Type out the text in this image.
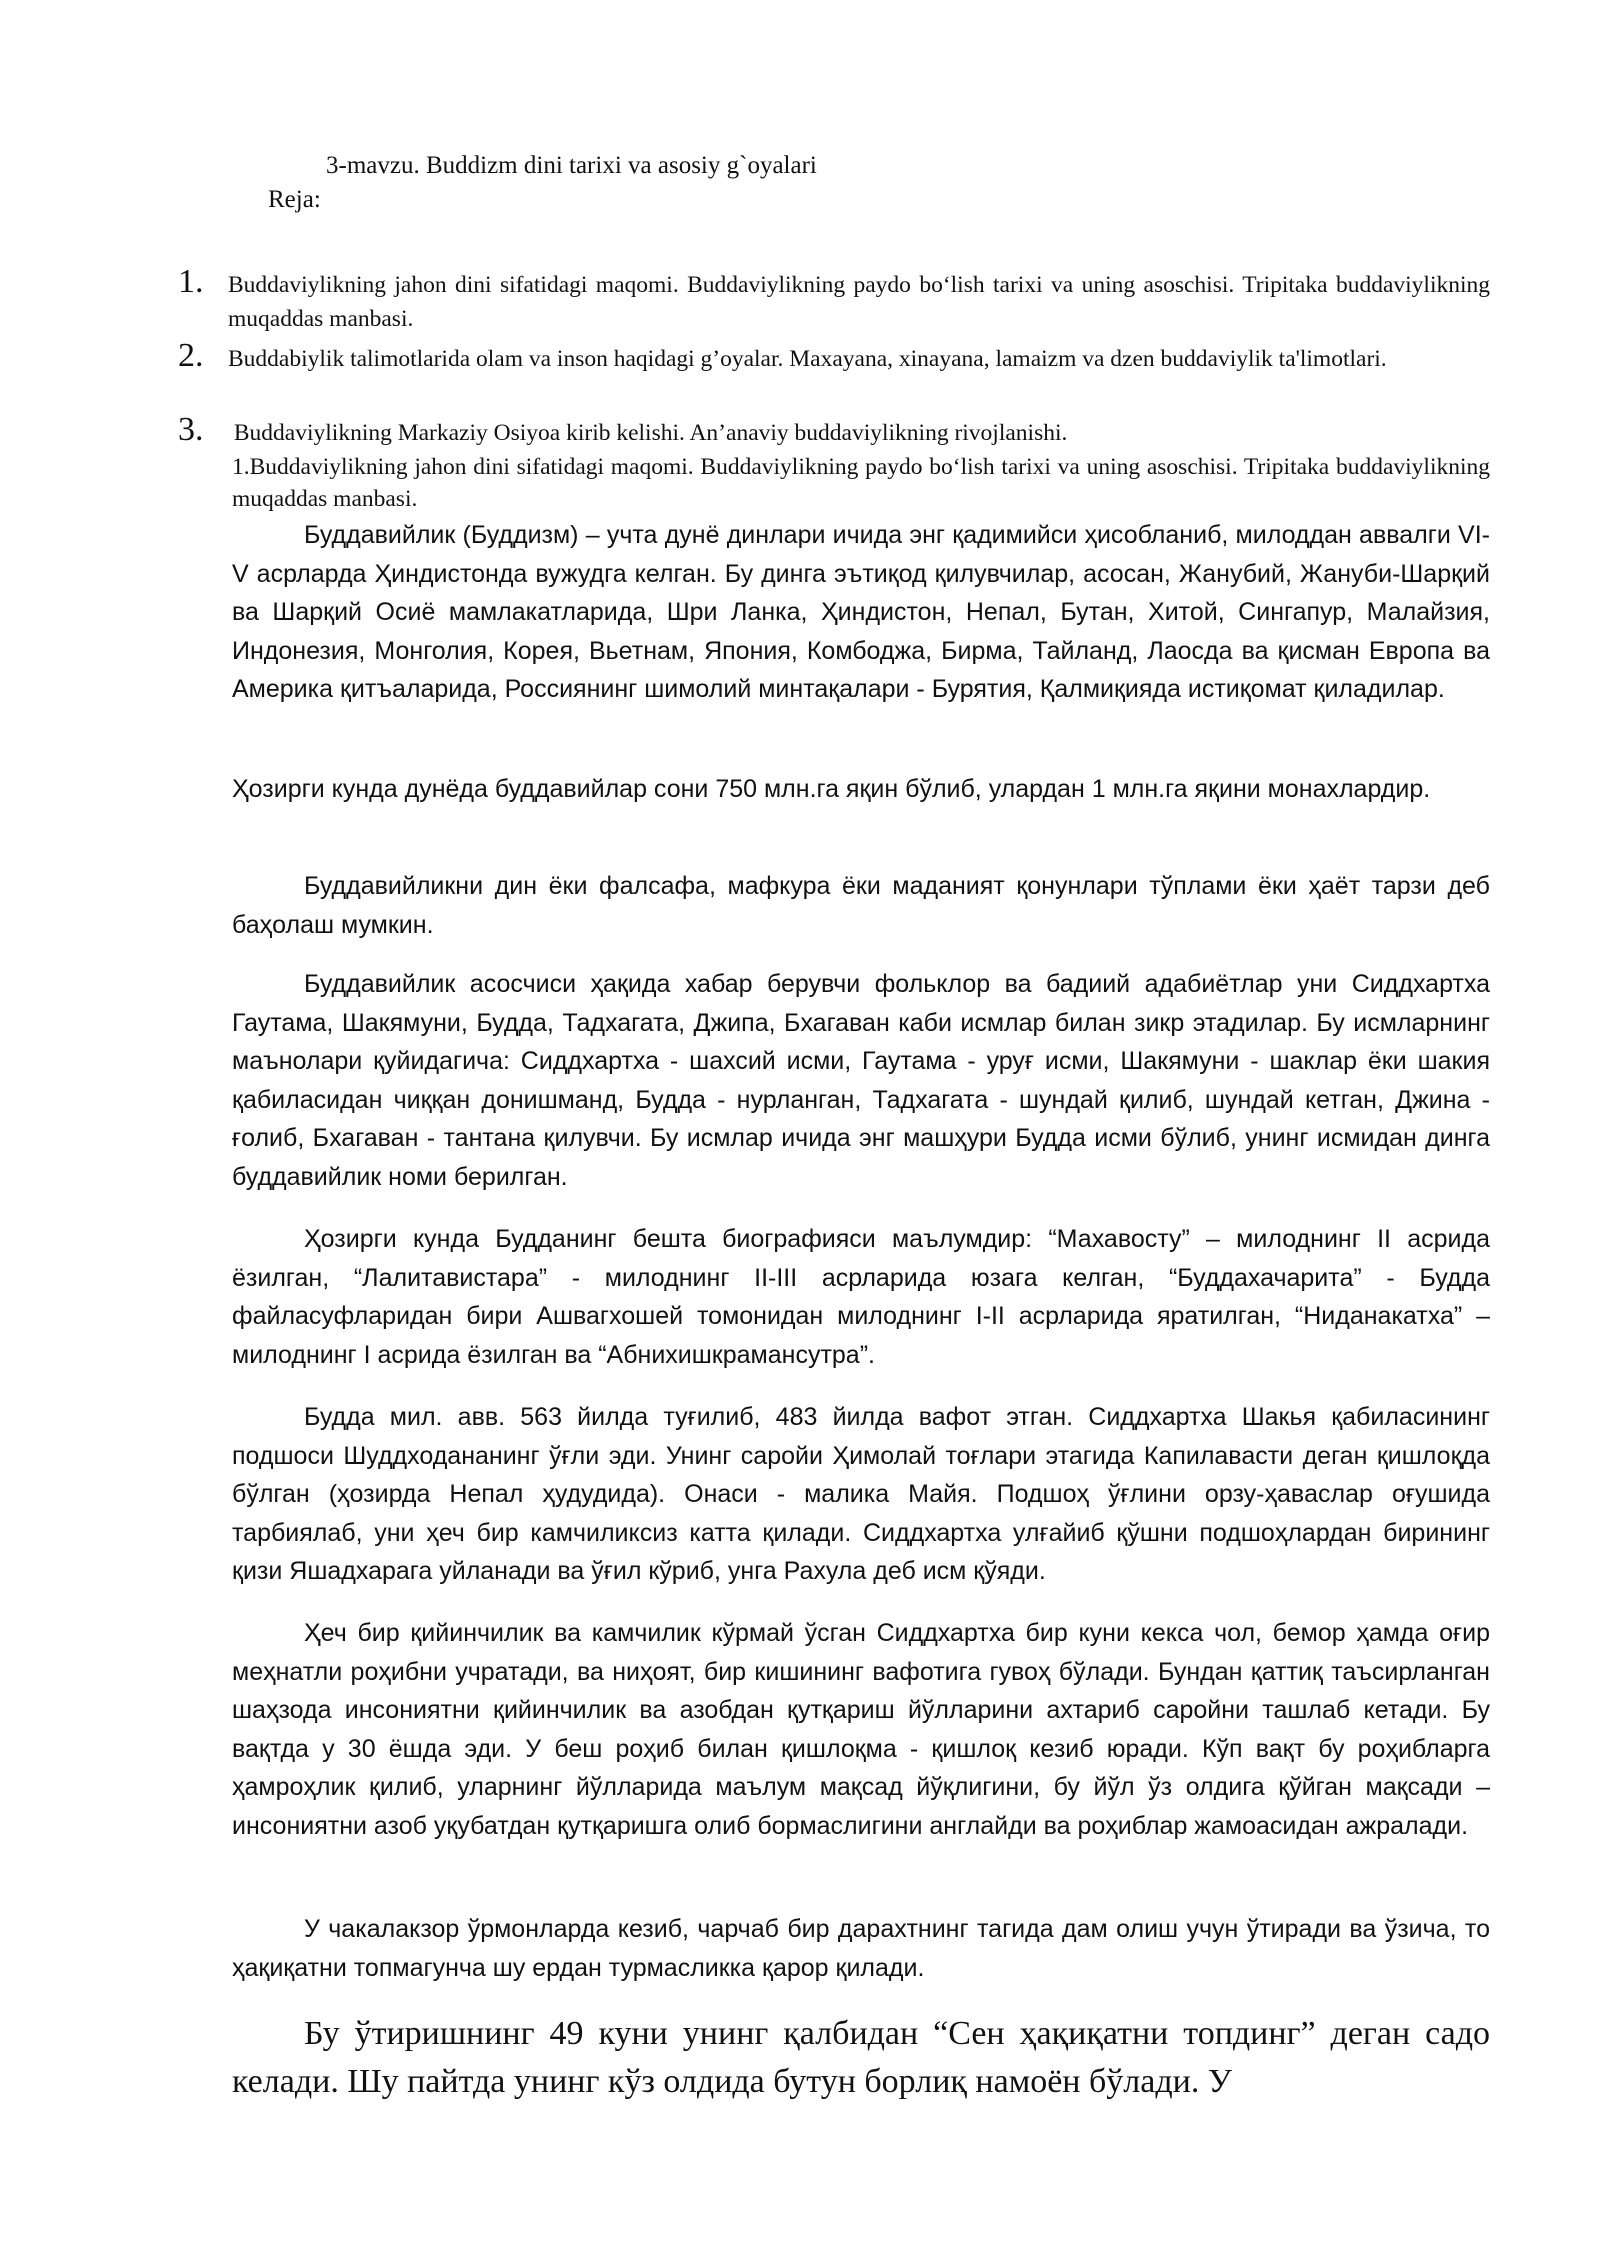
3-mavzu. Buddizm dini tarixi va asosiy g`oyalari
Reja:
1. Buddaviylikning jahon dini sifatidagi maqomi. Buddaviylikning paydo bo‘lish tarixi va uning asoschisi. Tripitaka buddaviylikning muqaddas manbasi.
2. Buddabiylik talimotlarida olam va inson haqidagi g’oyalar. Maxayana, xinayana, lamaizm va dzen buddaviylik ta'limotlari.
3. Buddaviylikning Markaziy Osiyoa kirib kelishi. An’anaviy buddaviylikning rivojlanishi.
1.Buddaviylikning jahon dini sifatidagi maqomi. Buddaviylikning paydo bo‘lish tarixi va uning asoschisi. Tripitaka buddaviylikning muqaddas manbasi.
Буддавийлик (Буддизм) – учта дунё динлари ичида энг қадимийси ҳисобланиб, милоддан аввалги VI-V асрларда Ҳиндистонда вужудга келган. Бу динга эътиқод қилувчилар, асосан, Жанубий, Жануби-Шарқий ва Шарқий Осиё мамлакатларида, Шри Ланка, Ҳиндистон, Непал, Бутан, Хитой, Сингапур, Малайзия, Индонезия, Монголия, Корея, Вьетнам, Япония, Комбоджа, Бирма, Тайланд, Лаосда ва қисман Европа ва Америка қитъаларида, Россиянинг шимолий минтақалари - Бурятия, Қалмиқияда истиқомат қиладилар.
Ҳозирги кунда дунёда буддавийлар сони 750 млн.га яқин бўлиб, улардан 1 млн.га яқини монахлардир.
Буддавийликни дин ёки фалсафа, мафкура ёки маданият қонунлари тўплами ёки ҳаёт тарзи деб баҳолаш мумкин.
Буддавийлик асосчиси ҳақида хабар берувчи фольклор ва бадиий адабиётлар уни Сиддхартха Гаутама, Шакямуни, Будда, Тадхагата, Джипа, Бхагаван каби исмлар билан зикр этадилар. Бу исмларнинг маънолари қуйидагича: Сиддхартха - шахсий исми, Гаутама - уруғ исми, Шакямуни - шаклар ёки шакия қабиласидан чиққан донишманд, Будда - нурланган, Тадхагата - шундай қилиб, шундай кетган, Джина - ғолиб, Бхагаван - тантана қилувчи. Бу исмлар ичида энг машҳури Будда исми бўлиб, унинг исмидан динга буддавийлик номи берилган.
Ҳозирги кунда Будданинг бешта биографияси маълумдир: “Махавосту” – милоднинг II асрида ёзилган, “Лалитавистара” - милоднинг II-III асрларида юзага келган, “Буддахачарита” - Будда файласуфларидан бири Ашвагхошей томонидан милоднинг I-II асрларида яратилган, “Ниданакатха” – милоднинг I асрида ёзилган ва “Абнихишкрамансутра”.
Будда мил. авв. 563 йилда туғилиб, 483 йилда вафот этган. Сиддхартха Шакья қабиласининг подшоси Шуддходананинг ўғли эди. Унинг саройи Ҳимолай тоғлари этагида Капилавасти деган қишлоқда бўлган (ҳозирда Непал ҳудудида). Онаси - малика Майя. Подшоҳ ўғлини орзу-ҳавaслар оғушида тарбиялаб, уни ҳеч бир камчиликсиз катта қилади. Сиддхартха улғайиб қўшни подшоҳлардан бирининг қизи Яшадхарага уйланади ва ўғил кўриб, унга Рахула деб исм қўяди.
Ҳеч бир қийинчилик ва камчилик кўрмай ўсган Сиддхартха бир куни кекса чол, бемор ҳамда оғир меҳнатли роҳибни учратади, ва ниҳоят, бир кишининг вафотига гувоҳ бўлади. Бундан қаттиқ таъсирланган шаҳзода инсониятни қийинчилик ва азобдан қутқариш йўлларини ахтариб саройни ташлаб кетади. Бу вақтда у 30 ёшда эди. У беш роҳиб билан қишлоқма - қишлоқ кезиб юради. Кўп вақт бу роҳибларга ҳамроҳлик қилиб, уларнинг йўлларида маълум мақсад йўқлигини, бу йўл ўз олдига қўйган мақсади – инсониятни азоб уқубатдан қутқаришга олиб бормаслигини англайди ва роҳиблар жамоасидан ажралади.
У чакалакзор ўрмонларда кезиб, чарчаб бир дарахтнинг тагида дам олиш учун ўтиради ва ўзича, то ҳақиқатни топмагунча шу ердан турмасликка қарор қилади.
Бу ўтиришнинг 49 куни унинг қалбидан “Сен ҳақиқатни топдинг” деган садо келади. Шу пайтда унинг кўз олдида бутун борлиқ намоён бўлади. У
